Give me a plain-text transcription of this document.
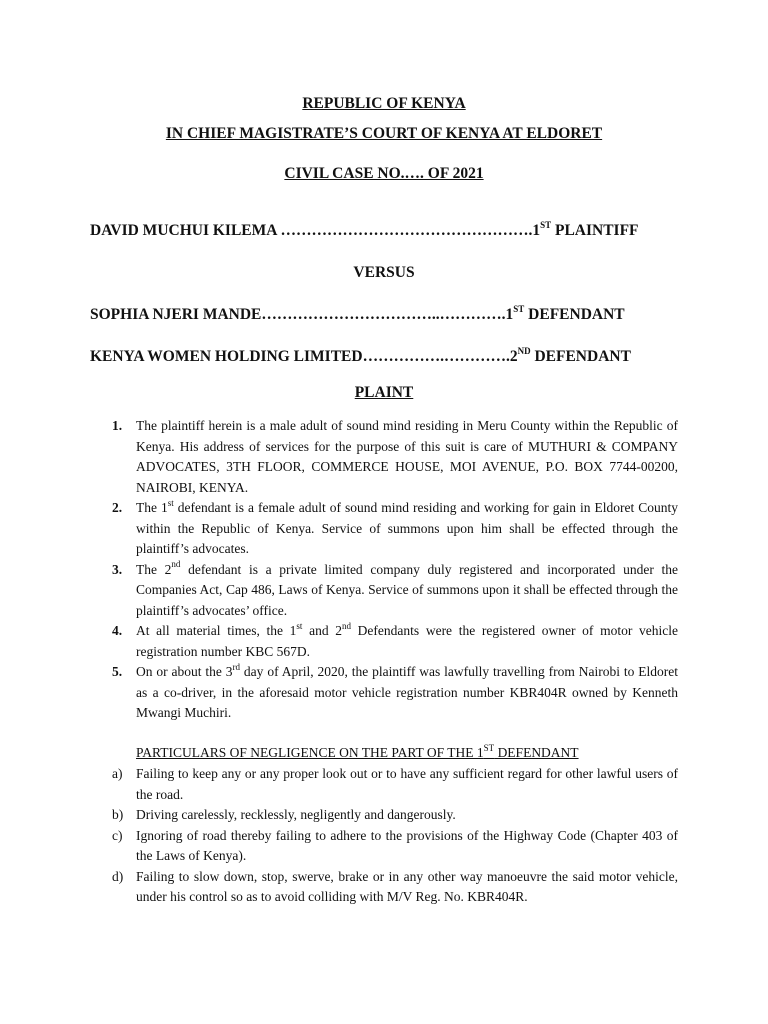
REPUBLIC OF KENYA
IN CHIEF MAGISTRATE’S COURT OF KENYA AT ELDORET
CIVIL CASE NO.…. OF 2021
DAVID MUCHUI KILEMA ………………………………………….1ST PLAINTIFF
VERSUS
SOPHIA NJERI MANDE……………………………..………….1ST DEFENDANT
KENYA WOMEN HOLDING LIMITED…………….………….2ND DEFENDANT
PLAINT
1. The plaintiff herein is a male adult of sound mind residing in Meru County within the Republic of Kenya. His address of services for the purpose of this suit is care of MUTHURI & COMPANY ADVOCATES, 3TH FLOOR, COMMERCE HOUSE, MOI AVENUE, P.O. BOX 7744-00200, NAIROBI, KENYA.
2. The 1st defendant is a female adult of sound mind residing and working for gain in Eldoret County within the Republic of Kenya. Service of summons upon him shall be effected through the plaintiff’s advocates.
3. The 2nd defendant is a private limited company duly registered and incorporated under the Companies Act, Cap 486, Laws of Kenya. Service of summons upon it shall be effected through the plaintiff’s advocates’ office.
4. At all material times, the 1st and 2nd Defendants were the registered owner of motor vehicle registration number KBC 567D.
5. On or about the 3rd day of April, 2020, the plaintiff was lawfully travelling from Nairobi to Eldoret as a co-driver, in the aforesaid motor vehicle registration number KBR404R owned by Kenneth Mwangi Muchiri.
PARTICULARS OF NEGLIGENCE ON THE PART OF THE 1ST DEFENDANT
a) Failing to keep any or any proper look out or to have any sufficient regard for other lawful users of the road.
b) Driving carelessly, recklessly, negligently and dangerously.
c) Ignoring of road thereby failing to adhere to the provisions of the Highway Code (Chapter 403 of the Laws of Kenya).
d) Failing to slow down, stop, swerve, brake or in any other way manoeuvre the said motor vehicle, under his control so as to avoid colliding with M/V Reg. No. KBR404R.
